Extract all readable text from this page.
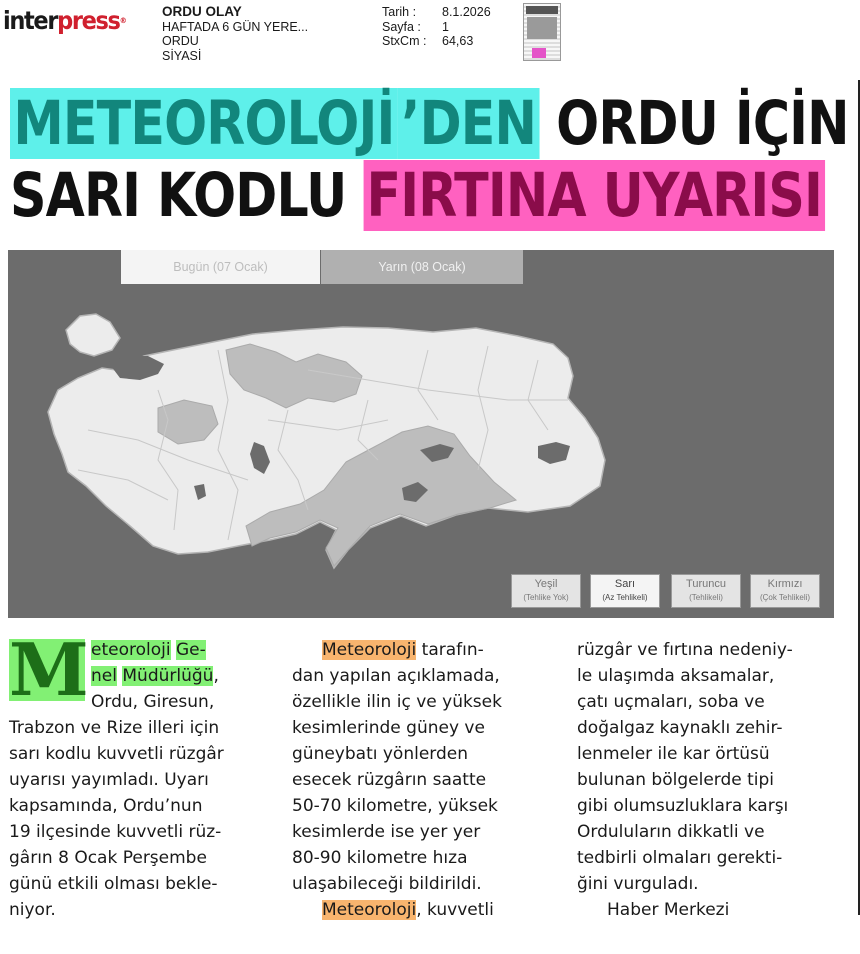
interpress®
ORDU OLAY
HAFTADA 6 GÜN YERE...
ORDU
SİYASİ
Tarih :	8.1.2026
Sayfa :	1
StxCm :	64,63
METEOROLOJİ ’DEN ORDU İÇİN
SARI KODLU FIRTINA UYARISI
Bugün (07 Ocak)	Yarın (08 Ocak)
Yeşil
(Tehlike Yok)
Sarı
(Az Tehlikeli)
Turuncu
(Tehlikeli)
Kırmızı
(Çok Tehlikeli)
M eteoroloji Ge-
nel Müdürlüğü,
Ordu, Giresun,
Trabzon ve Rize illeri için
sarı kodlu kuvvetli rüzgâr
uyarısı yayımladı. Uyarı
kapsamında, Ordu’nun
19 ilçesinde kuvvetli rüz-
gârın 8 Ocak Perşembe
günü etkili olması bekle-
niyor.
Meteoroloji tarafın-
dan yapılan açıklamada,
özellikle ilin iç ve yüksek
kesimlerinde güney ve
güneybatı yönlerden
esecek rüzgârın saatte
50-70 kilometre, yüksek
kesimlerde ise yer yer
80-90 kilometre hıza
ulaşabileceği bildirildi.
Meteoroloji, kuvvetli
rüzgâr ve fırtına nedeniy-
le ulaşımda aksamalar,
çatı uçmaları, soba ve
doğalgaz kaynaklı zehir-
lenmeler ile kar örtüsü
bulunan bölgelerde tipi
gibi olumsuzluklara karşı
Orduluların dikkatli ve
tedbirli olmaları gerekti-
ğini vurguladı.
Haber Merkezi
